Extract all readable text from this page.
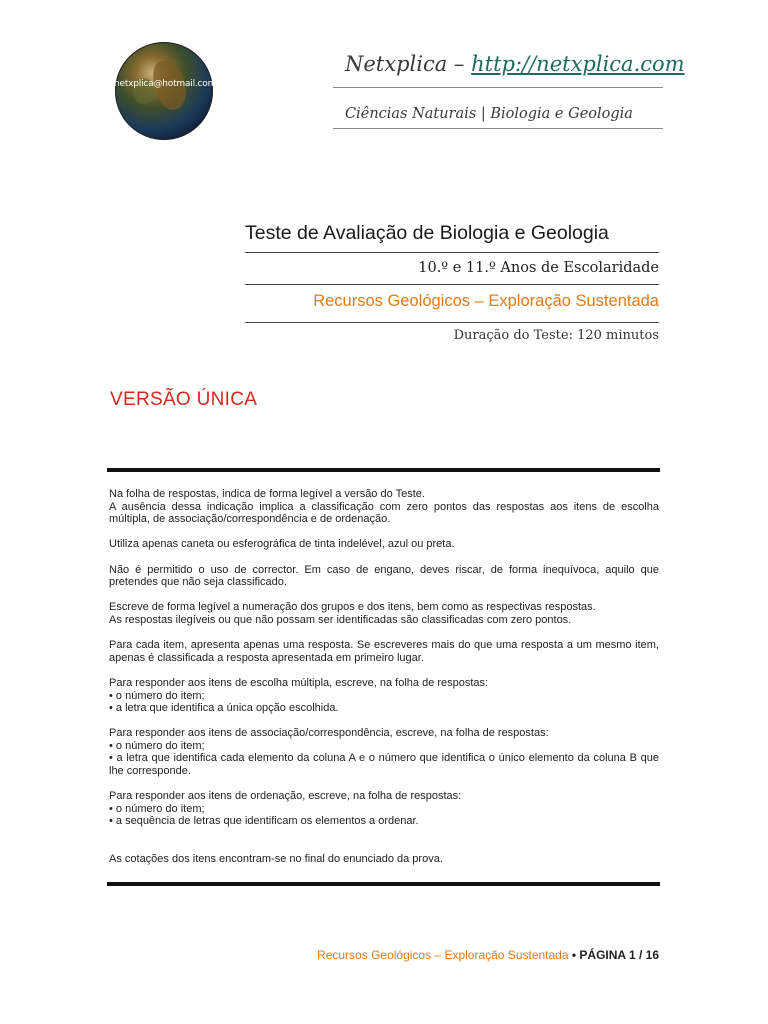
netxplica@hotmail.com
Netxplica – http://netxplica.com
Ciências Naturais | Biologia e Geologia
Teste de Avaliação de Biologia e Geologia
10.º e 11.º Anos de Escolaridade
Recursos Geológicos – Exploração Sustentada
Duração do Teste: 120 minutos
VERSÃO ÚNICA

Na folha de respostas, indica de forma legível a versão do Teste.
A ausência dessa indicação implica a classificação com zero pontos das respostas aos itens de escolha múltipla, de associação/correspondência e de ordenação.

Utiliza apenas caneta ou esferográfica de tinta indelével, azul ou preta.

Não é permitido o uso de corrector. Em caso de engano, deves riscar, de forma inequívoca, aquilo que pretendes que não seja classificado.

Escreve de forma legível a numeração dos grupos e dos itens, bem como as respectivas respostas.
As respostas ilegíveis ou que não possam ser identificadas são classificadas com zero pontos.

Para cada item, apresenta apenas uma resposta. Se escreveres mais do que uma resposta a um mesmo item, apenas é classificada a resposta apresentada em primeiro lugar.

Para responder aos itens de escolha múltipla, escreve, na folha de respostas:
• o número do item;
• a letra que identifica a única opção escolhida.

Para responder aos itens de associação/correspondência, escreve, na folha de respostas:
• o número do item;
• a letra que identifica cada elemento da coluna A e o número que identifica o único elemento da coluna B que lhe corresponde.

Para responder aos itens de ordenação, escreve, na folha de respostas:
• o número do item;
• a sequência de letras que identificam os elementos a ordenar.

As cotações dos itens encontram-se no final do enunciado da prova.

Recursos Geológicos – Exploração Sustentada • PÁGINA 1 / 16
